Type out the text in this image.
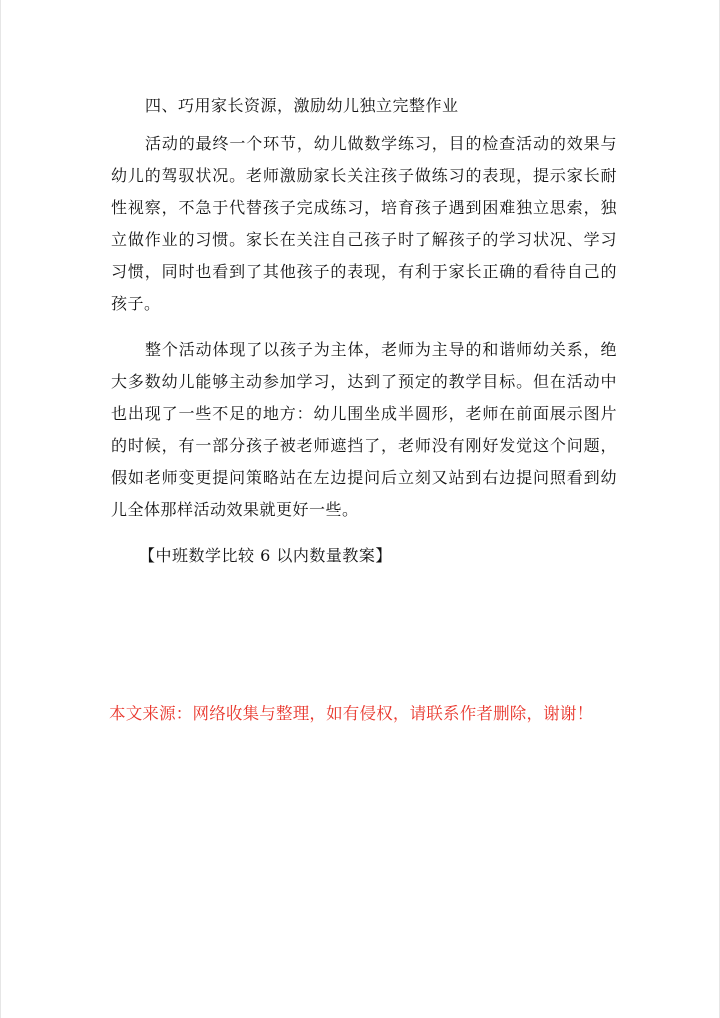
四、巧用家长资源，激励幼儿独立完整作业

活动的最终一个环节，幼儿做数学练习，目的检查活动的效果与幼儿的驾驭状况。老师激励家长关注孩子做练习的表现，提示家长耐性视察，不急于代替孩子完成练习，培育孩子遇到困难独立思索，独立做作业的习惯。家长在关注自己孩子时了解孩子的学习状况、学习习惯，同时也看到了其他孩子的表现，有利于家长正确的看待自己的孩子。

整个活动体现了以孩子为主体，老师为主导的和谐师幼关系，绝大多数幼儿能够主动参加学习，达到了预定的教学目标。但在活动中也出现了一些不足的地方：幼儿围坐成半圆形，老师在前面展示图片的时候，有一部分孩子被老师遮挡了，老师没有刚好发觉这个问题，假如老师变更提问策略站在左边提问后立刻又站到右边提问照看到幼儿全体那样活动效果就更好一些。

【中班数学比较 6 以内数量教案】

本文来源：网络收集与整理，如有侵权，请联系作者删除，谢谢！
